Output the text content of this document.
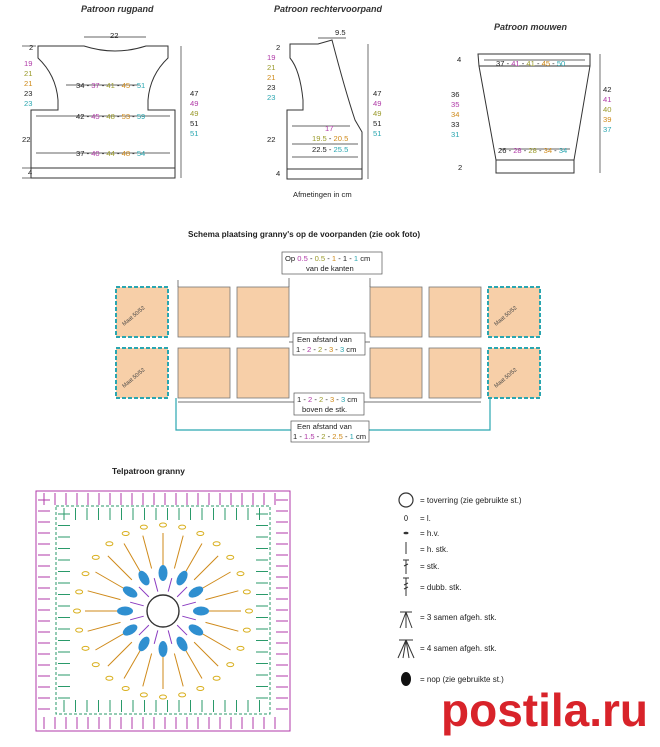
Patroon rugpand	Patroon rechtervoorpand
Patroon mouwen
22
2
19
21
21
23
23
34 - 37 - 41 - 45 - 51
42 - 45 - 48 - 53 - 59
37 - 40 - 44 - 48 - 54
22
4
47
49
49
51
51
9.5
2
19
21
21
23
23
17
19.5 - 20.5
22.5 - 25.5
22
4
47
49
49
51
51
Afmetingen in cm
4	37 - 41 - 41 - 45 - 50
36
35
34
33
31
26 - 28 - 28 - 34 - 34
2
42
41
40
39
37
Schema plaatsing granny's op de voorpanden (zie ook foto)
Maat 50/52
Maat 50/52
Maat 50/52
Maat 50/52
Op 0.5 - 0.5 - 1 - 1 - 1 cm
van de kanten
Een afstand van
1 - 2 - 2 - 3 - 3 cm
1 - 2 - 2 - 3 - 3 cm
boven de stk.
Een afstand van
1 - 1.5 - 2 - 2.5 - 1 cm
Telpatroon granny
= toverring (zie gebruikte st.)
= l.
= h.v.
= h. stk.
= stk.
= dubb. stk.
= 3 samen afgeh. stk.
= 4 samen afgeh. stk.
= nop (zie gebruikte st.)
postila.ru
